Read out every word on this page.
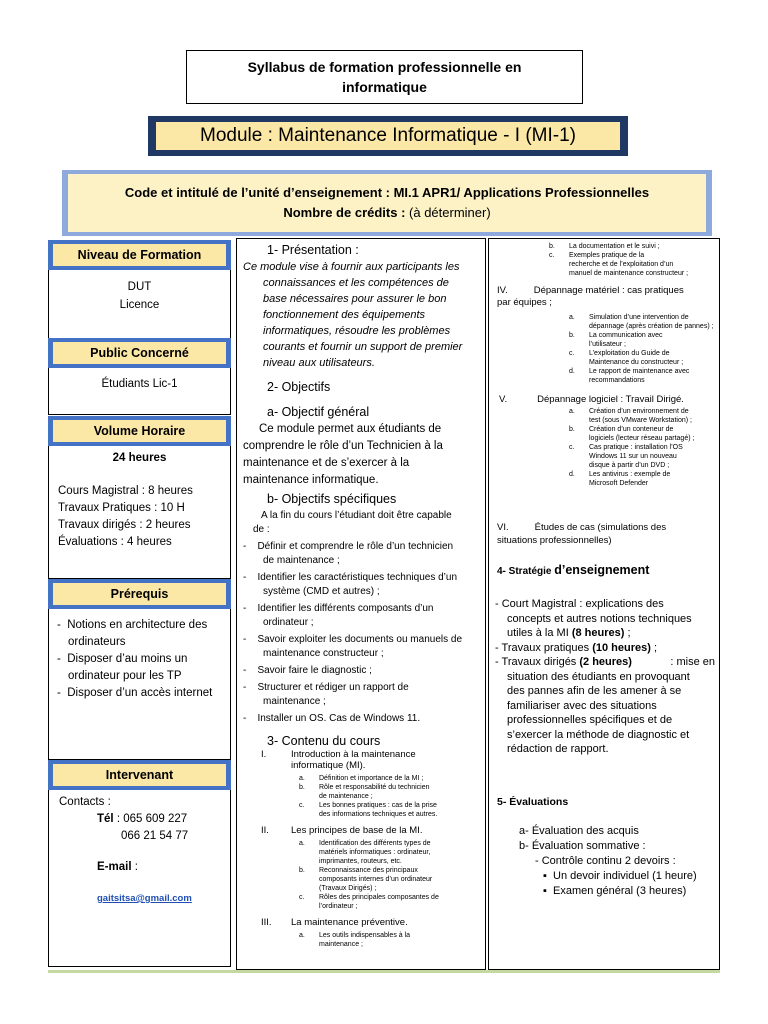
Syllabus de formation professionnelle en
informatique
Module : Maintenance Informatique - I (MI-1)
Code et intitulé de l’unité d’enseignement : MI.1 APR1/ Applications Professionnelles
Nombre de crédits : (à déterminer)
Niveau de Formation
DUT
Licence
Public Concerné
Étudiants Lic-1
Volume Horaire
24 heures
Cours Magistral : 8 heures
Travaux Pratiques : 10 H
Travaux dirigés : 2 heures
Évaluations : 4 heures
Prérequis
-  Notions en architecture des
ordinateurs
-  Disposer d’au moins un
ordinateur pour les TP
-  Disposer d’un accès internet
Intervenant
Contacts :
Tél : 065 609 227
066 21 54 77
E-mail :
gaitsitsa@gmail.com
1- Présentation :
Ce module vise à fournir aux participants les
connaissances et les compétences de
base nécessaires pour assurer le bon
fonctionnement des équipements
informatiques, résoudre les problèmes
courants et fournir un support de premier
niveau aux utilisateurs.
2- Objectifs
a- Objectif général
Ce module permet aux étudiants de
comprendre le rôle d’un Technicien à la
maintenance et de s’exercer à la
maintenance informatique.
b- Objectifs spécifiques
A la fin du cours l’étudiant doit être capable
de :
-    Définir et comprendre le rôle d’un technicien
de maintenance ;
-    Identifier les caractéristiques techniques d’un
système (CMD et autres) ;
-    Identifier les différents composants d’un
ordinateur ;
-    Savoir exploiter les documents ou manuels de
maintenance constructeur ;
-    Savoir faire le diagnostic ;
-    Structurer et rédiger un rapport de
maintenance ;
-    Installer un OS. Cas de Windows 11.
3- Contenu du cours
I.	Introduction à la maintenance
informatique (MI).
a. Définition et importance de la MI ;
b. Rôle et responsabilité du technicien
de maintenance ;
c. Les bonnes pratiques : cas de la prise
des informations techniques et autres.
II. Les principes de base de la MI.
a. Identification des différents types de
matériels informatiques : ordinateur,
imprimantes, routeurs, etc.
b. Reconnaissance des principaux
composants internes d’un ordinateur
(Travaux Dirigés) ;
c. Rôles des principales composantes de
l’ordinateur ;
III. La maintenance préventive.
a. Les outils indispensables à la
maintenance ;
b. La documentation et le suivi ;
c. Exemples pratique de la
recherche et de l’exploitation d’un
manuel de maintenance constructeur ;
IV.	Dépannage matériel : cas pratiques
par équipes ;
a. Simulation d’une intervention de
dépannage (après création de pannes) ;
b. La communication avec
l’utilisateur ;
c. L’exploitation du Guide de
Maintenance du constructeur ;
d. Le rapport de maintenance avec
recommandations
V.	Dépannage logiciel : Travail Dirigé.
a. Création d’un environnement de
test (sous VMware Workstation) ;
b. Création d’un conteneur de
logiciels (lecteur réseau partagé) ;
c. Cas pratique : installation l’OS
Windows 11 sur un nouveau
disque à partir d’un DVD ;
d. Les antivirus : exemple de
Microsoft Defender
VI.	Études de cas (simulations des
situations professionnelles)
4- Stratégie d’enseignement
- Court Magistral : explications des
concepts et autres notions techniques
utiles à la MI (8 heures) ;
- Travaux pratiques (10 heures) ;
- Travaux dirigés (2 heures)	: mise en
situation des étudiants en provoquant
des pannes afin de les amener à se
familiariser avec des situations
professionnelles spécifiques et de
s’exercer la méthode de diagnostic et
rédaction de rapport.
5- Évaluations
a- Évaluation des acquis
b- Évaluation sommative :
- Contrôle continu 2 devoirs :
▪  Un devoir individuel (1 heure)
▪  Examen général (3 heures)
